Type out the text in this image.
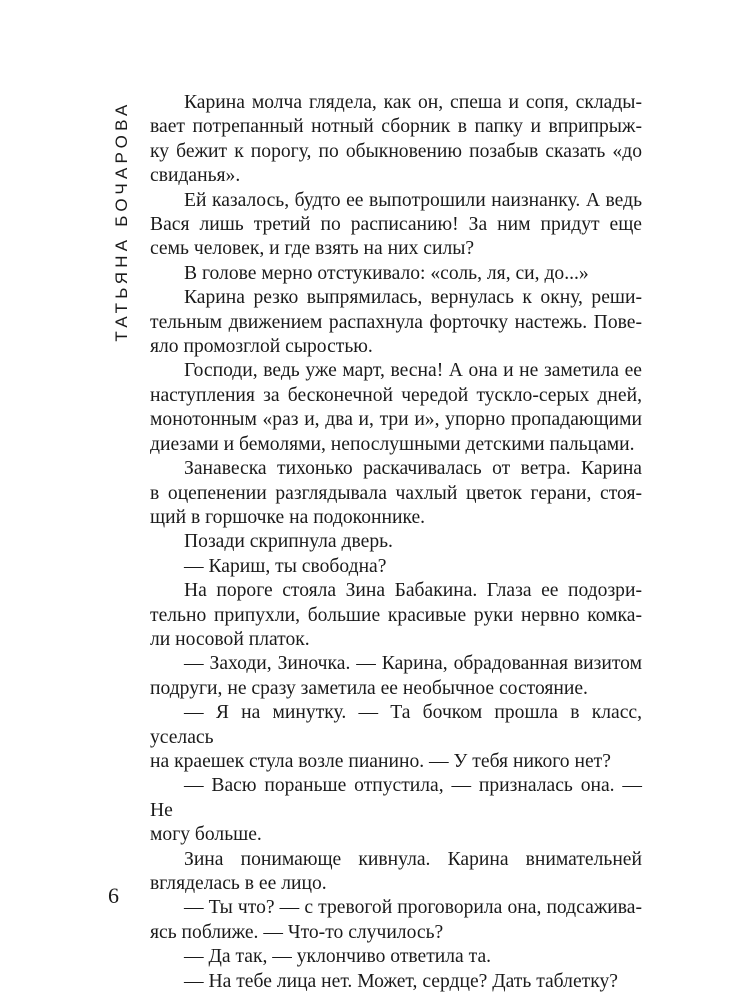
ТАТЬЯНА БОЧАРОВА	Карина молча глядела, как он, спеша и сопя, склады-
вает потрепанный нотный сборник в папку и вприпрыж-
ку бежит к порогу, по обыкновению позабыв сказать «до
свиданья».

Ей казалось, будто ее выпотрошили наизнанку. А ведь
Вася лишь третий по расписанию! За ним придут еще
семь человек, и где взять на них силы?

В голове мерно отстукивало: «соль, ля, си, до...»

Карина резко выпрямилась, вернулась к окну, реши-
тельным движением распахнула форточку настежь. Пове-
яло промозглой сыростью.

Господи, ведь уже март, весна! А она и не заметила ее
наступления за бесконечной чередой тускло-серых дней,
монотонным «раз и, два и, три и», упорно пропадающими
диезами и бемолями, непослушными детскими пальцами.

Занавеска тихонько раскачивалась от ветра. Карина
в оцепенении разглядывала чахлый цветок герани, стоя-
щий в горшочке на подоконнике.

Позади скрипнула дверь.

— Кариш, ты свободна?

На пороге стояла Зина Бабакина. Глаза ее подозри-
тельно припухли, большие красивые руки нервно комка-
ли носовой платок.

— Заходи, Зиночка. — Карина, обрадованная визитом
подруги, не сразу заметила ее необычное состояние.

— Я на минутку. — Та бочком прошла в класс, уселась
на краешек стула возле пианино. — У тебя никого нет?

— Васю пораньше отпустила, — призналась она. — Не
могу больше.

Зина понимающе кивнула. Карина внимательней
вгляделась в ее лицо.

— Ты что? — с тревогой проговорила она, подсажива-
ясь поближе. — Что-то случилось?

— Да так, — уклончиво ответила та.

— На тебе лица нет. Может, сердце? Дать таблетку?

6
